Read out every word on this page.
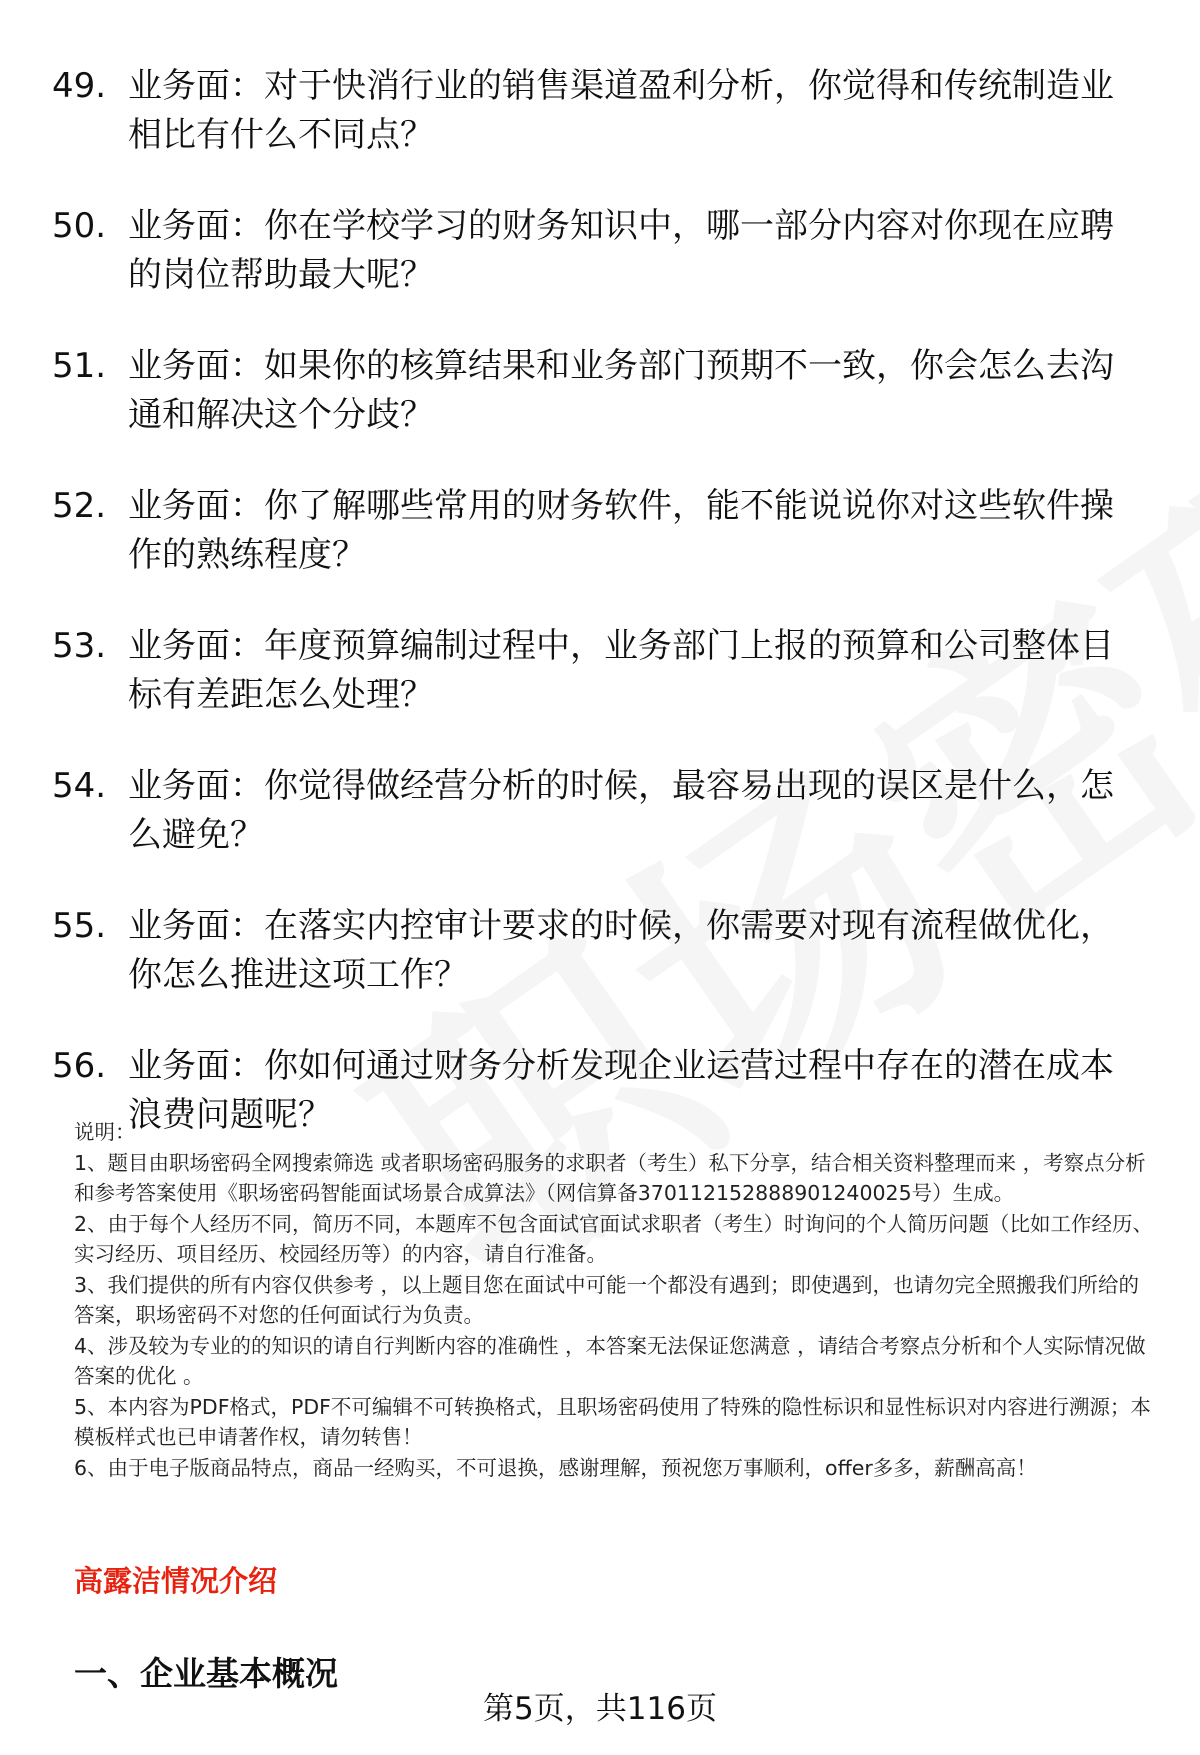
49. 业务面：对于快消行业的销售渠道盈利分析，你觉得和传统制造业相比有什么不同点？
50. 业务面：你在学校学习的财务知识中，哪一部分内容对你现在应聘的岗位帮助最大呢？
51. 业务面：如果你的核算结果和业务部门预期不一致，你会怎么去沟通和解决这个分歧？
52. 业务面：你了解哪些常用的财务软件，能不能说说你对这些软件操作的熟练程度？
53. 业务面：年度预算编制过程中，业务部门上报的预算和公司整体目标有差距怎么处理？
54. 业务面：你觉得做经营分析的时候，最容易出现的误区是什么，怎么避免？
55. 业务面：在落实内控审计要求的时候，你需要对现有流程做优化，你怎么推进这项工作？
56. 业务面：你如何通过财务分析发现企业运营过程中存在的潜在成本浪费问题呢？

说明：

1、题目由职场密码全网搜索筛选 或者职场密码服务的求职者（考生）私下分享，结合相关资料整理而来 ，考察点分析和参考答案使用《职场密码智能面试场景合成算法》（网信算备370112152888901240025号）生成。

2、由于每个人经历不同，简历不同，本题库不包含面试官面试求职者（考生）时询问的个人简历问题（比如工作经历、实习经历、项目经历、校园经历等）的内容，请自行准备。

3、我们提供的所有内容仅供参考 ，以上题目您在面试中可能一个都没有遇到；即使遇到，也请勿完全照搬我们所给的答案，职场密码不对您的任何面试行为负责。

4、涉及较为专业的的知识的请自行判断内容的准确性 ，本答案无法保证您满意 ，请结合考察点分析和个人实际情况做答案的优化 。

5、本内容为PDF格式，PDF不可编辑不可转换格式，且职场密码使用了特殊的隐性标识和显性标识对内容进行溯源；本模板样式也已申请著作权，请勿转售！

6、由于电子版商品特点，商品一经购买，不可退换，感谢理解，预祝您万事顺利，offer多多，薪酬高高！

高露洁情况介绍
一、企业基本概况
第5页，共116页
